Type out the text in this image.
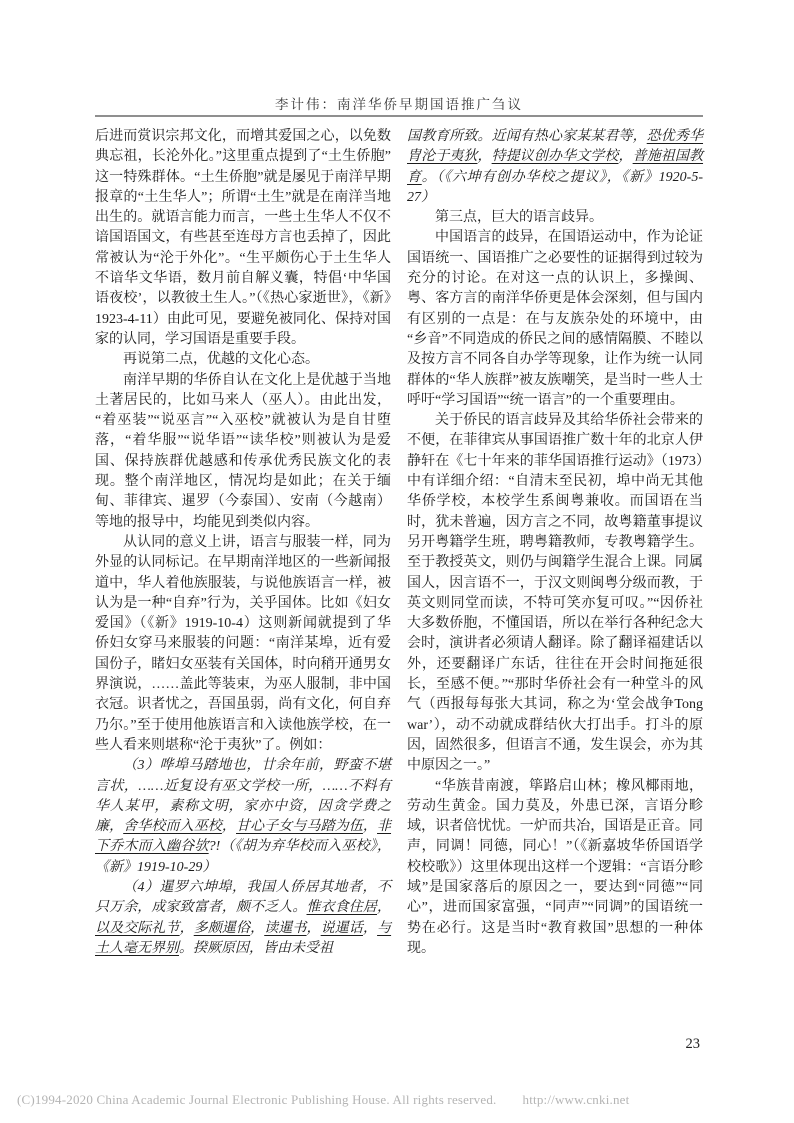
李计伟：南洋华侨早期国语推广刍议

后进而赏识宗邦文化，而增其爱国之心，以免数典忘祖，长沦外化。”这里重点提到了“土生侨胞”这一特殊群体。“土生侨胞”就是屡见于南洋早期报章的“土生华人”；所谓“土生”就是在南洋当地出生的。就语言能力而言，一些土生华人不仅不谙国语国文，有些甚至连母方言也丢掉了，因此常被认为“沦于外化”。“生平颇伤心于土生华人不谙华文华语，数月前自解义囊，特倡‘中华国语夜校’，以教彼土生人。”（《热心家逝世》，《新》1923-4-11）由此可见，要避免被同化、保持对国家的认同，学习国语是重要手段。

再说第二点，优越的文化心态。

南洋早期的华侨自认在文化上是优越于当地土著居民的，比如马来人（巫人）。由此出发，“着巫装”“说巫言”“入巫校”就被认为是自甘堕落，“着华服”“说华语”“读华校”则被认为是爱国、保持族群优越感和传承优秀民族文化的表现。整个南洋地区，情况均是如此；在关于缅甸、菲律宾、暹罗（今泰国）、安南（今越南）等地的报导中，均能见到类似内容。

从认同的意义上讲，语言与服装一样，同为外显的认同标记。在早期南洋地区的一些新闻报道中，华人着他族服装，与说他族语言一样，被认为是一种“自弃”行为，关乎国体。比如《妇女爱国》（《新》1919-10-4）这则新闻就提到了华侨妇女穿马来服装的问题：“南洋某埠，近有爱国份子，睹妇女巫装有关国体，时向稍开通男女界演说，……盖此等装束，为巫人服制，非中国衣冠。识者忧之，吾国虽弱，尚有文化，何自弃乃尔。”至于使用他族语言和入读他族学校，在一些人看来则堪称“沦于夷狄”了。例如：

（3）哗埠马踏地也，廿余年前，野蛮不堪言状，……近复设有巫文学校一所，……不料有华人某甲，素称文明，家亦中资，因贪学费之廉，舍华校而入巫校，甘心子女与马踏为伍，非下乔木而入幽谷欤?!（《胡为弃华校而入巫校》，《新》1919-10-29）

（4）暹罗六坤埠，我国人侨居其地者，不只万余，成家致富者，颇不乏人。惟衣食住居，以及交际礼节，多颇暹俗，读暹书，说暹话，与土人毫无界别。揆厥原因，皆由未受祖

国教育所致。近闻有热心家某某君等，恐优秀华胄沦于夷狄，特提议创办华文学校，普施祖国教育。（《六坤有创办华校之提议》，《新》1920-5-27）

第三点，巨大的语言歧异。

中国语言的歧异，在国语运动中，作为论证国语统一、国语推广之必要性的证据得到过较为充分的讨论。在对这一点的认识上，多操闽、粤、客方言的南洋华侨更是体会深刻，但与国内有区别的一点是：在与友族杂处的环境中，由“乡音”不同造成的侨民之间的感情隔膜、不睦以及按方言不同各自办学等现象，让作为统一认同群体的“华人族群”被友族嘲笑，是当时一些人士呼吁“学习国语”“统一语言”的一个重要理由。

关于侨民的语言歧异及其给华侨社会带来的不便，在菲律宾从事国语推广数十年的北京人伊静轩在《七十年来的菲华国语推行运动》（1973）中有详细介绍：“自清末至民初，埠中尚无其他华侨学校，本校学生系闽粤兼收。而国语在当时，犹未普遍，因方言之不同，故粤籍董事提议另开粤籍学生班，聘粤籍教师，专教粤籍学生。至于教授英文，则仍与闽籍学生混合上课。同属国人，因言语不一，于汉文则闽粤分级而教，于英文则同堂而读，不特可笑亦复可叹。”“因侨社大多数侨胞，不懂国语，所以在举行各种纪念大会时，演讲者必须请人翻译。除了翻译福建话以外，还要翻译广东话，往往在开会时间拖延很长，至感不便。”“那时华侨社会有一种堂斗的风气（西报每每张大其词，称之为‘堂会战争Tong war’），动不动就成群结伙大打出手。打斗的原因，固然很多，但语言不通，发生误会，亦为其中原因之一。”

“华族昔南渡，筚路启山林；橡风椰雨地，劳动生黄金。国力莫及，外患已深，言语分畛域，识者倍忧忧。一炉而共冶，国语是正音。同声，同调！同德，同心！”（《新嘉坡华侨国语学校校歌》）这里体现出这样一个逻辑：“言语分畛域”是国家落后的原因之一，要达到“同德”“同心”，进而国家富强，“同声”“同调”的国语统一势在必行。这是当时“教育救国”思想的一种体现。

23
(C)1994-2020 China Academic Journal Electronic Publishing House. All rights reserved. http://www.cnki.net
